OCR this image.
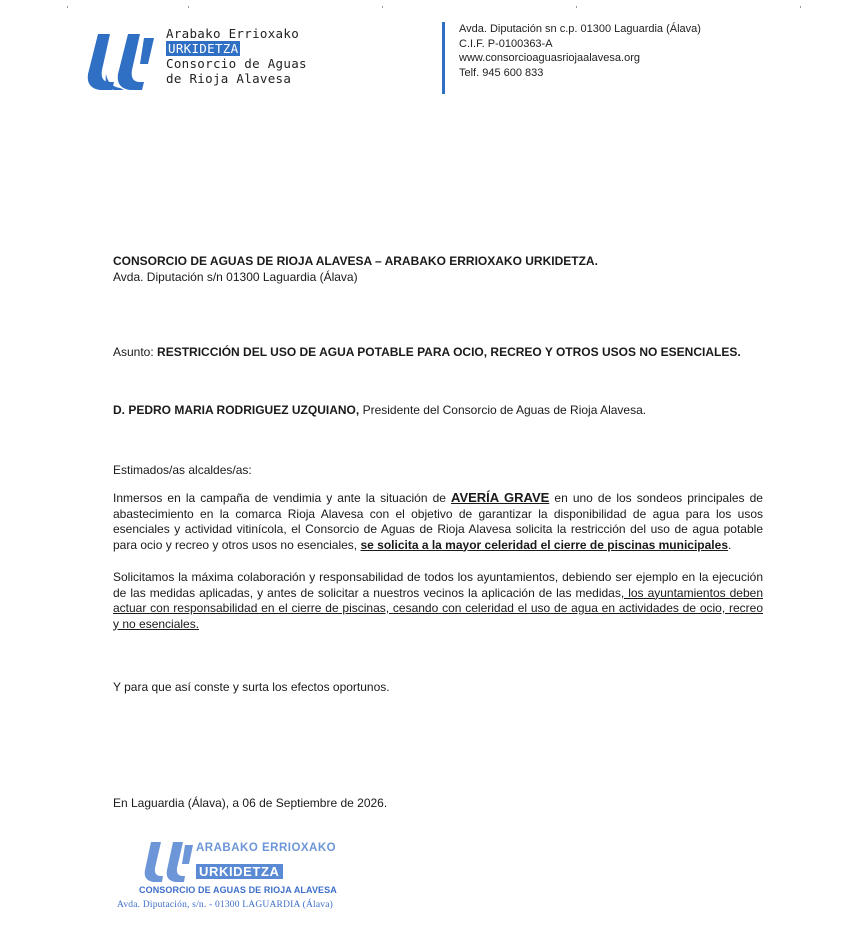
Arabako Errioxako
URKIDETZA
Consorcio de Aguas
de Rioja Alavesa
Avda. Diputación sn c.p. 01300 Laguardia (Álava)
C.I.F. P-0100363-A
www.consorcioaguasriojaalavesa.org
Telf. 945 600 833
CONSORCIO DE AGUAS DE RIOJA ALAVESA – ARABAKO ERRIOXAKO URKIDETZA.
Avda. Diputación s/n 01300 Laguardia (Álava)
Asunto: RESTRICCIÓN DEL USO DE AGUA POTABLE PARA OCIO, RECREO Y OTROS USOS NO ESENCIALES.
D. PEDRO MARIA RODRIGUEZ UZQUIANO, Presidente del Consorcio de Aguas de Rioja Alavesa.
Estimados/as alcaldes/as:
Inmersos en la campaña de vendimia y ante la situación de AVERÍA GRAVE en uno de los sondeos principales de abastecimiento en la comarca Rioja Alavesa con el objetivo de garantizar la disponibilidad de agua para los usos esenciales y actividad vitinícola, el Consorcio de Aguas de Rioja Alavesa solicita la restricción del uso de agua potable para ocio y recreo y otros usos no esenciales, se solicita a la mayor celeridad el cierre de piscinas municipales.
Solicitamos la máxima colaboración y responsabilidad de todos los ayuntamientos, debiendo ser ejemplo en la ejecución de las medidas aplicadas, y antes de solicitar a nuestros vecinos la aplicación de las medidas, los ayuntamientos deben actuar con responsabilidad en el cierre de piscinas, cesando con celeridad el uso de agua en actividades de ocio, recreo y no esenciales.
Y para que así conste y surta los efectos oportunos.
En Laguardia (Álava), a 06 de Septiembre de 2026.
ARABAKO ERRIOXAKO
URKIDETZA
CONSORCIO DE AGUAS DE RIOJA ALAVESA
Avda. Diputación, s/n. - 01300 LAGUARDIA (Álava)
